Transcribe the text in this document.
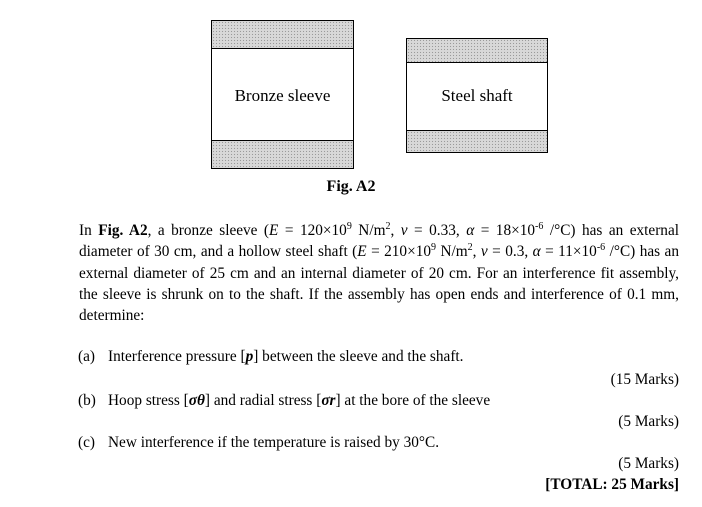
Bronze sleeve	Steel shaft
Fig. A2

In Fig. A2, a bronze sleeve ($E = 120\times 10^9$ $N/m^2$, ν = 0.33, $\alpha = 18\times 10^{-6}$ /°C) has an external diameter of 30 cm, and a hollow steel shaft ($E = 210\times 10^9$ $N/m^2$, ν = 0.3, $\alpha = 11\times 10^{-6}$ /°C) has an external diameter of 25 cm and an internal diameter of 20 cm. For an interference fit assembly, the sleeve is shrunk on to the shaft. If the assembly has open ends and interference of 0.1 mm, determine:

(a) Interference pressure [p] between the sleeve and the shaft.
(15 Marks)
(b) Hoop stress [σθ] and radial stress [σr] at the bore of the sleeve
(5 Marks)
(c) New interference if the temperature is raised by 30°C.
(5 Marks)
[TOTAL: 25 Marks]
